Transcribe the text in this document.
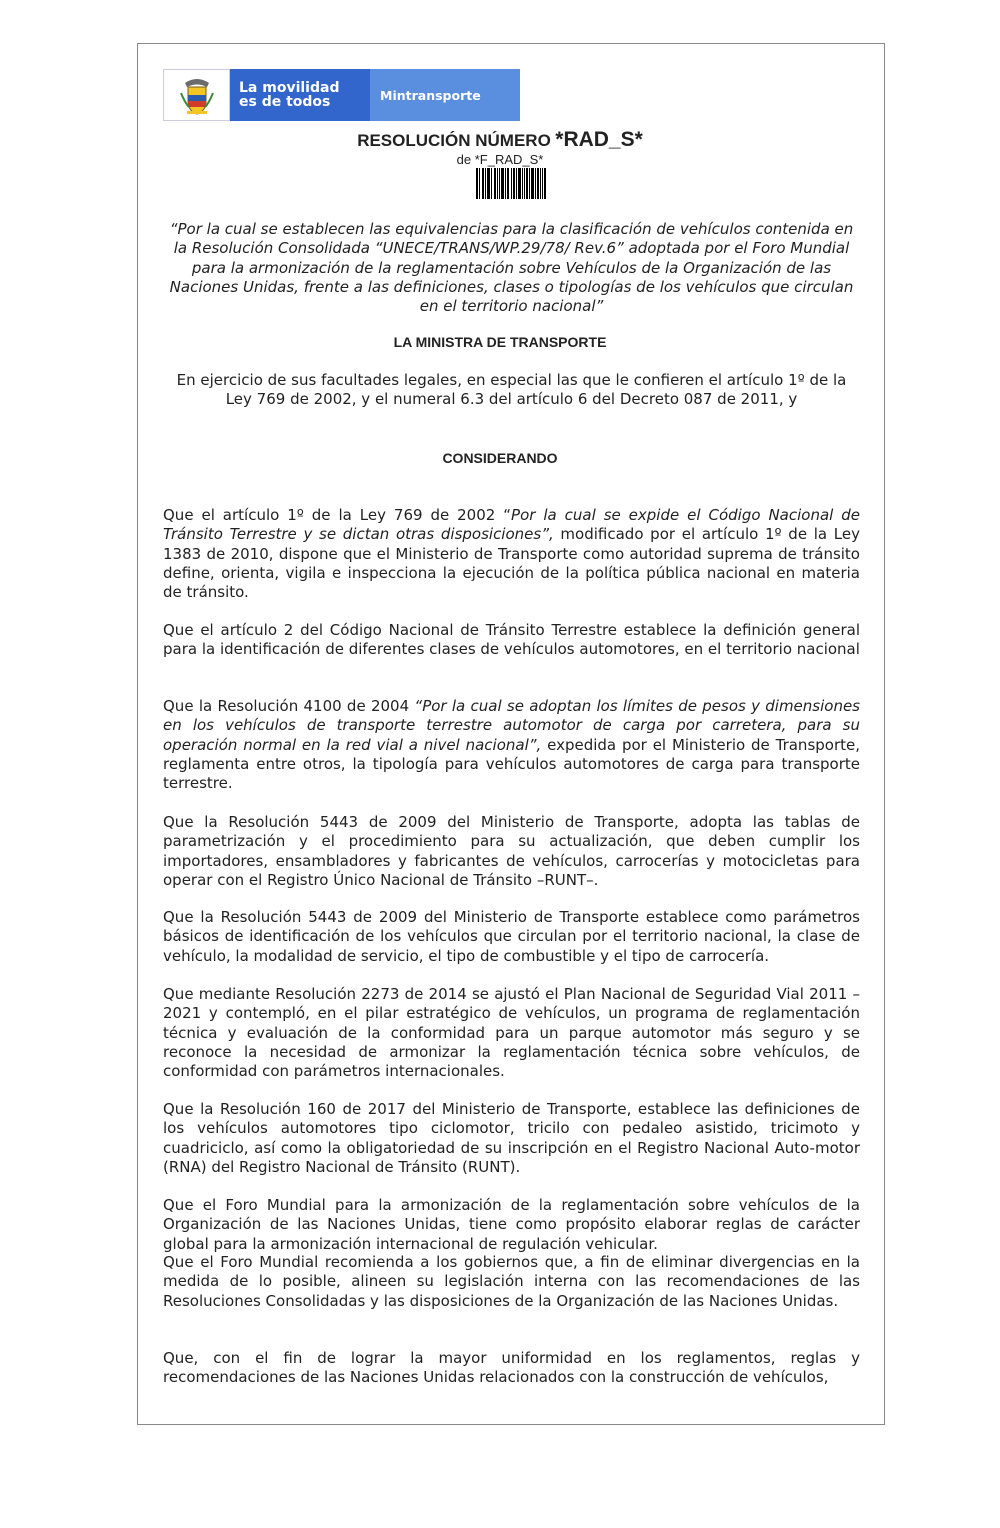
La movilidad
es de todos	Mintransporte
RESOLUCIÓN NÚMERO *RAD_S*
de *F_RAD_S*
“Por la cual se establecen las equivalencias para la clasificación de vehículos contenida en la Resolución Consolidada “UNECE/TRANS/WP.29/78/ Rev.6” adoptada por el Foro Mundial para la armonización de la reglamentación sobre Vehículos de la Organización de las Naciones Unidas, frente a las definiciones, clases o tipologías de los vehículos que circulan en el territorio nacional”
LA MINISTRA DE TRANSPORTE
En ejercicio de sus facultades legales, en especial las que le confieren el artículo 1º de la Ley 769 de 2002, y el numeral 6.3 del artículo 6 del Decreto 087 de 2011, y
CONSIDERANDO
Que el artículo 1º de la Ley 769 de 2002 “Por la cual se expide el Código Nacional de Tránsito Terrestre y se dictan otras disposiciones”, modificado por el artículo 1º de la Ley 1383 de 2010, dispone que el Ministerio de Transporte como autoridad suprema de tránsito define, orienta, vigila e inspecciona la ejecución de la política pública nacional en materia de tránsito.
Que el artículo 2 del Código Nacional de Tránsito Terrestre establece la definición general para la identificación de diferentes clases de vehículos automotores, en el territorio nacional
Que la Resolución 4100 de 2004 “Por la cual se adoptan los límites de pesos y dimensiones en los vehículos de transporte terrestre automotor de carga por carretera, para su operación normal en la red vial a nivel nacional”, expedida por el Ministerio de Transporte, reglamenta entre otros, la tipología para vehículos automotores de carga para transporte terrestre.
Que la Resolución 5443 de 2009 del Ministerio de Transporte, adopta las tablas de parametrización y el procedimiento para su actualización, que deben cumplir los importadores, ensambladores y fabricantes de vehículos, carrocerías y motocicletas para operar con el Registro Único Nacional de Tránsito –RUNT–.
Que la Resolución 5443 de 2009 del Ministerio de Transporte establece como parámetros básicos de identificación de los vehículos que circulan por el territorio nacional, la clase de vehículo, la modalidad de servicio, el tipo de combustible y el tipo de carrocería.
Que mediante Resolución 2273 de 2014 se ajustó el Plan Nacional de Seguridad Vial 2011 – 2021 y contempló, en el pilar estratégico de vehículos, un programa de reglamentación técnica y evaluación de la conformidad para un parque automotor más seguro y se reconoce la necesidad de armonizar la reglamentación técnica sobre vehículos, de conformidad con parámetros internacionales.
Que la Resolución 160 de 2017 del Ministerio de Transporte, establece las definiciones de los vehículos automotores tipo ciclomotor, tricilo con pedaleo asistido, tricimoto y cuadriciclo, así como la obligatoriedad de su inscripción en el Registro Nacional Auto-motor (RNA) del Registro Nacional de Tránsito (RUNT).
Que el Foro Mundial para la armonización de la reglamentación sobre vehículos de la Organización de las Naciones Unidas, tiene como propósito elaborar reglas de carácter global para la armonización internacional de regulación vehicular.
Que el Foro Mundial recomienda a los gobiernos que, a fin de eliminar divergencias en la medida de lo posible, alineen su legislación interna con las recomendaciones de las Resoluciones Consolidadas y las disposiciones de la Organización de las Naciones Unidas.
Que, con el fin de lograr la mayor uniformidad en los reglamentos, reglas y recomendaciones de las Naciones Unidas relacionados con la construcción de vehículos,
